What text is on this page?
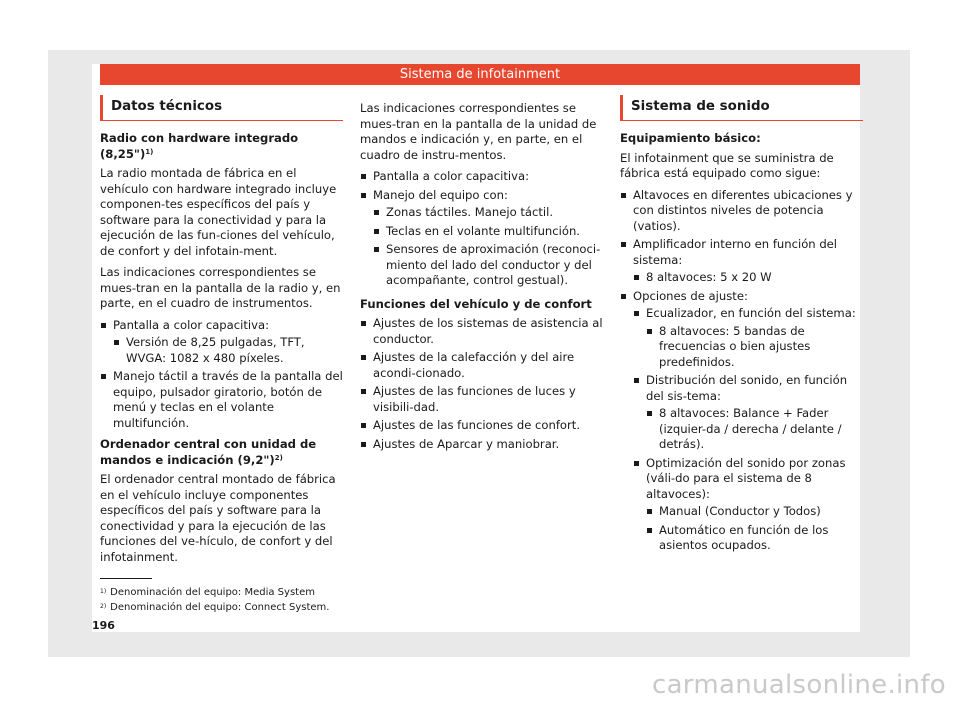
Sistema de infotainment
Datos técnicos
Radio con hardware integrado (8,25")$^{1)}$

La radio montada de fábrica en el vehículo con hardware integrado incluye componen-tes específicos del país y software para la conectividad y para la ejecución de las fun-ciones del vehículo, de confort y del infotain-ment.

Las indicaciones correspondientes se mues-tran en la pantalla de la radio y, en parte, en el cuadro de instrumentos.

Pantalla a color capacitiva:
Versión de 8,25 pulgadas, TFT, WVGA: 1082 x 480 píxeles.
Manejo táctil a través de la pantalla del equipo, pulsador giratorio, botón de menú y teclas en el volante multifunción.
Ordenador central con unidad de mandos e indicación (9,2")$^{2)}$

El ordenador central montado de fábrica en el vehículo incluye componentes específicos del país y software para la conectividad y para la ejecución de las funciones del ve-hículo, de confort y del infotainment.

Las indicaciones correspondientes se mues-tran en la pantalla de la unidad de mandos e indicación y, en parte, en el cuadro de instru-mentos.

Pantalla a color capacitiva:
Manejo del equipo con:
Zonas táctiles. Manejo táctil.
Teclas en el volante multifunción.
Sensores de aproximación (reconoci-miento del lado del conductor y del acompañante, control gestual).
Funciones del vehículo y de confort
Ajustes de los sistemas de asistencia al conductor.
Ajustes de la calefacción y del aire acondi-cionado.
Ajustes de las funciones de luces y visibili-dad.
Ajustes de las funciones de confort.
Ajustes de Aparcar y maniobrar.
Sistema de sonido
Equipamiento básico:

El infotainment que se suministra de fábrica está equipado como sigue:

Altavoces en diferentes ubicaciones y con distintos niveles de potencia (vatios).
Amplificador interno en función del sistema:
8 altavoces: 5 x 20 W
Opciones de ajuste:
Ecualizador, en función del sistema:
8 altavoces: 5 bandas de frecuencias o bien ajustes predefinidos.
Distribución del sonido, en función del sis-tema:
8 altavoces: Balance + Fader (izquier-da / derecha / delante / detrás).
Optimización del sonido por zonas (váli-do para el sistema de 8 altavoces):
Manual (Conductor y Todos)
Automático en función de los asientos ocupados.
$^{1)}$ Denominación del equipo: Media System
$^{2)}$ Denominación del equipo: Connect System.
196
carmanualsonline.info
